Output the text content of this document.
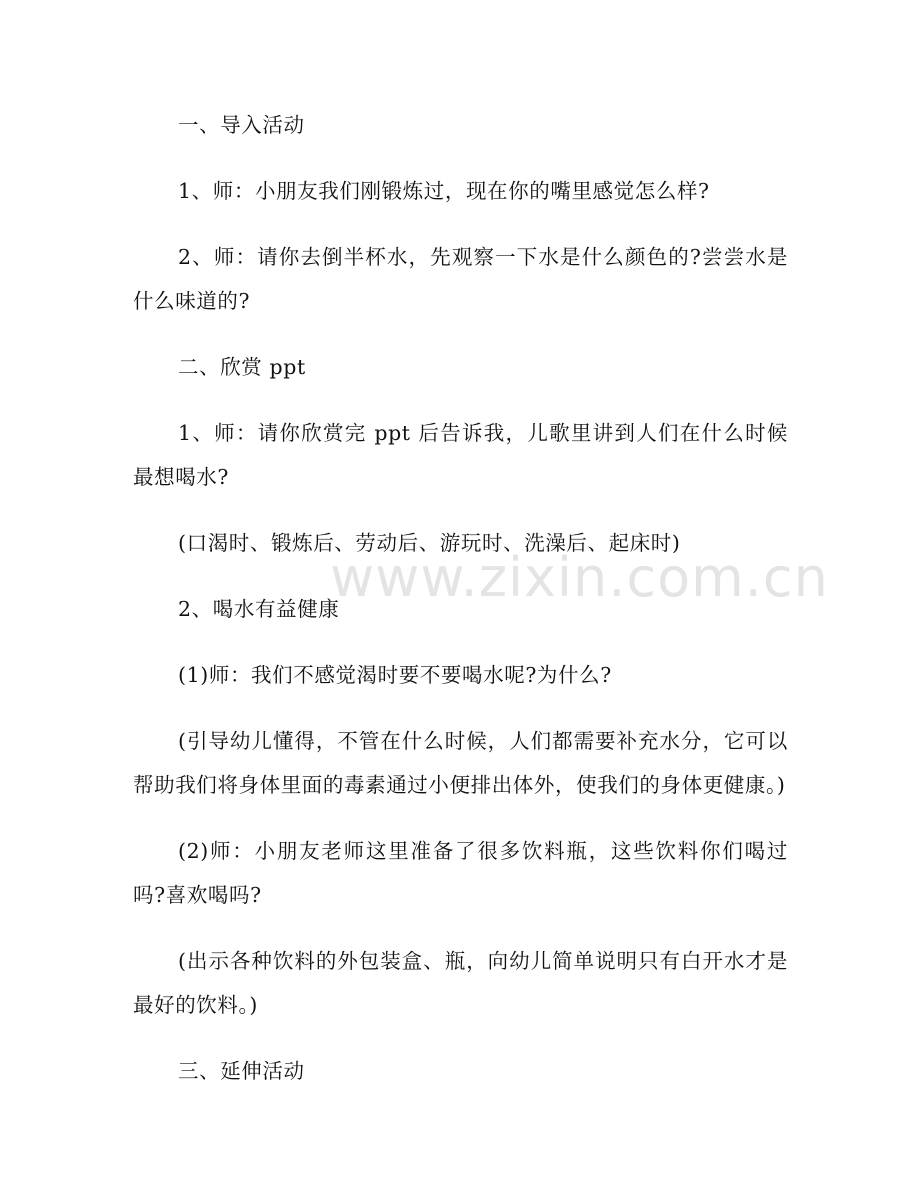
一、导入活动

1、师：小朋友我们刚锻炼过，现在你的嘴里感觉怎么样?

2、师：请你去倒半杯水，先观察一下水是什么颜色的?尝尝水是什么味道的?

二、欣赏 ppt

1、师：请你欣赏完 ppt 后告诉我，儿歌里讲到人们在什么时候最想喝水?

(口渴时、锻炼后、劳动后、游玩时、洗澡后、起床时)

2、喝水有益健康

(1)师：我们不感觉渴时要不要喝水呢?为什么?

(引导幼儿懂得，不管在什么时候，人们都需要补充水分，它可以帮助我们将身体里面的毒素通过小便排出体外，使我们的身体更健康。)

(2)师：小朋友老师这里准备了很多饮料瓶，这些饮料你们喝过吗?喜欢喝吗?

(出示各种饮料的外包装盒、瓶，向幼儿简单说明只有白开水才是最好的饮料。)

三、延伸活动

www.zixin.com.cn
